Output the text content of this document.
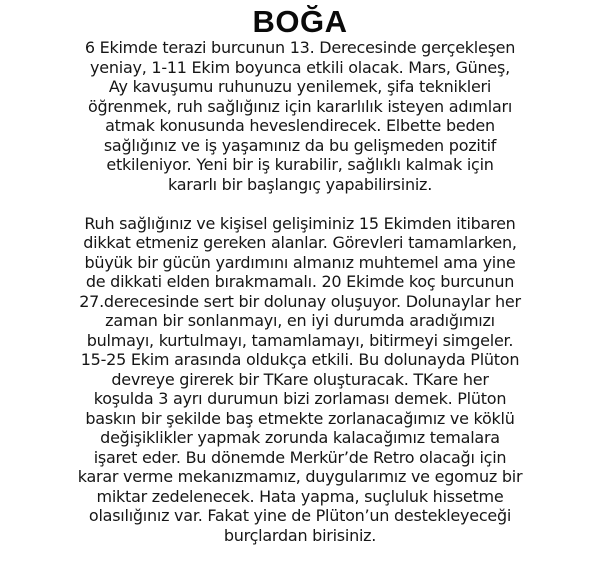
BOĞA

6 Ekimde terazi burcunun 13. Derecesinde gerçekleşen
yeniay, 1-11 Ekim boyunca etkili olacak. Mars, Güneş,
Ay kavuşumu ruhunuzu yenilemek, şifa teknikleri
öğrenmek, ruh sağlığınız için kararlılık isteyen adımları
atmak konusunda heveslendirecek. Elbette beden
sağlığınız ve iş yaşamınız da bu gelişmeden pozitif
etkileniyor. Yeni bir iş kurabilir, sağlıklı kalmak için
kararlı bir başlangıç yapabilirsiniz.

Ruh sağlığınız ve kişisel gelişiminiz 15 Ekimden itibaren
dikkat etmeniz gereken alanlar. Görevleri tamamlarken,
büyük bir gücün yardımını almanız muhtemel ama yine
de dikkati elden bırakmamalı. 20 Ekimde koç burcunun
27.derecesinde sert bir dolunay oluşuyor. Dolunaylar her
zaman bir sonlanmayı, en iyi durumda aradığımızı
bulmayı, kurtulmayı, tamamlamayı, bitirmeyi simgeler.
15-25 Ekim arasında oldukça etkili. Bu dolunayda Plüton
devreye girerek bir TKare oluşturacak. TKare her
koşulda 3 ayrı durumun bizi zorlaması demek. Plüton
baskın bir şekilde baş etmekte zorlanacağımız ve köklü
değişiklikler yapmak zorunda kalacağımız temalara
işaret eder. Bu dönemde Merkür’de Retro olacağı için
karar verme mekanızmamız, duygularımız ve egomuz bir
miktar zedelenecek. Hata yapma, suçluluk hissetme
olasılığınız var. Fakat yine de Plüton’un destekleyeceği
burçlardan birisiniz.
